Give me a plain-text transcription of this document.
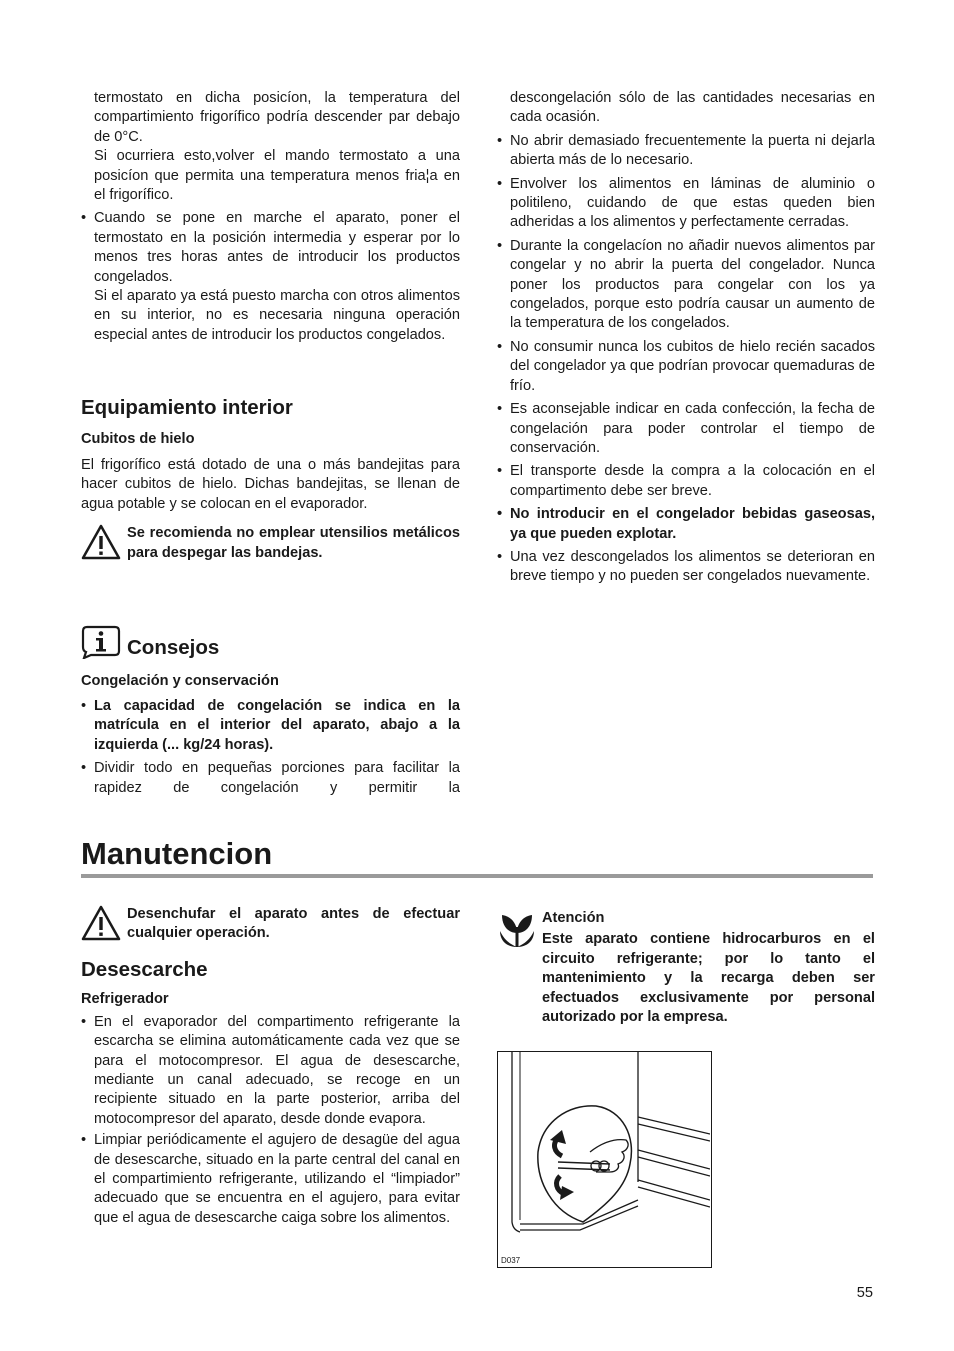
termostato en dicha posicíon, la temperatura del compartimiento frigorífico podría descender par debajo de 0°C.

Si ocurriera esto,volver el mando termostato a una posicíon que permita una temperatura menos fria¦a en el frigorífico.

• Cuando se pone en marche el aparato, poner el termostato en la posición intermedia y esperar por lo menos tres horas antes de introducir los productos congelados.

Si el aparato ya está puesto marcha con otros alimentos en su interior, no es necesaria ninguna operación especial antes de introducir los productos congelados.

Equipamiento interior
Cubitos de hielo

El frigorífico está dotado de una o más bandejitas para hacer cubitos de hielo. Dichas bandejitas, se llenan de agua potable y se colocan en el evaporador.

Se recomienda no emplear utensilios metálicos para despegar las bandejas.

Consejos
Congelación y conservación
• La capacidad de congelación se indica en la matrícula en el interior del aparato, abajo a la izquierda (... kg/24 horas).
• Dividir todo en pequeñas porciones para facilitar la rapidez de congelación y permitir la

descongelación sólo de las cantidades necesarias en cada ocasión.

• No abrir demasiado frecuentemente la puerta ni dejarla abierta más de lo necesario.
• Envolver los alimentos en láminas de aluminio o politileno, cuidando de que estas queden bien adheridas a los alimentos y perfectamente cerradas.
• Durante la congelacíon no añadir nuevos alimentos par congelar y no abrir la puerta del congelador. Nunca poner los productos para congelar con los ya congelados, porque esto podría causar un aumento de la temperatura de los congelados.
• No consumir nunca los cubitos de hielo recién sacados del congelador ya que podrían provocar quemaduras de frío.
• Es aconsejable indicar en cada confección, la fecha de congelación para poder controlar el tiempo de conservación.
• El transporte desde la compra a la colocación en el compartimento debe ser breve.
• No introducir en el congelador bebidas gaseosas, ya que pueden explotar.
• Una vez descongelados los alimentos se deterioran en breve tiempo y no pueden ser congelados nuevamente.
Manutencion

Desenchufar el aparato antes de efectuar cualquier operación.

Desescarche
Refrigerador
• En el evaporador del compartimento refrigerante la escarcha se elimina automáticamente cada vez que se para el motocompresor. El agua de desescarche, mediante un canal adecuado, se recoge en un recipiente situado en la parte posterior, arriba del motocompresor del aparato, desde donde evapora.
• Limpiar periódicamente el agujero de desagüe del agua de desescarche, situado en la parte central del canal en el compartimiento refrigerante, utilizando el “limpiador” adecuado que se encuentra en el agujero, para evitar que el agua de desescarche caiga sobre los alimentos.

Atención

Este aparato contiene hidrocarburos en el circuito refrigerante; por lo tanto el mantenimiento y la recarga deben ser efectuados exclusivamente por personal autorizado por la empresa.

D037
55
